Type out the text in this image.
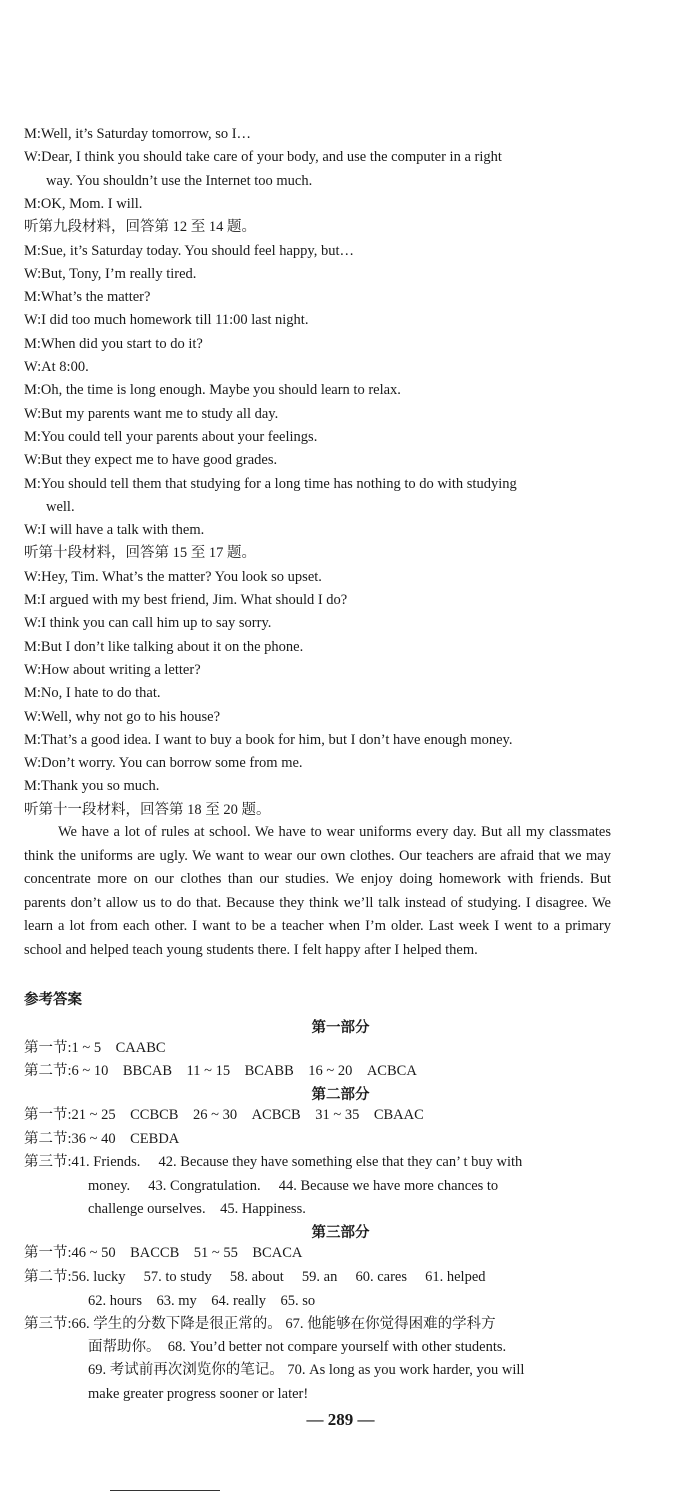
M:Well, it’s Saturday tomorrow, so I…
W:Dear, I think you should take care of your body, and use the computer in a right
way. You shouldn’t use the Internet too much.
M:OK, Mom. I will.
听第九段材料，回答第 12 至 14 题。
M:Sue, it’s Saturday today. You should feel happy, but…
W:But, Tony, I’m really tired.
M:What’s the matter?
W:I did too much homework till 11:00 last night.
M:When did you start to do it?
W:At 8:00.
M:Oh, the time is long enough. Maybe you should learn to relax.
W:But my parents want me to study all day.
M:You could tell your parents about your feelings.
W:But they expect me to have good grades.
M:You should tell them that studying for a long time has nothing to do with studying
well.
W:I will have a talk with them.
听第十段材料，回答第 15 至 17 题。
W:Hey, Tim. What’s the matter? You look so upset.
M:I argued with my best friend, Jim. What should I do?
W:I think you can call him up to say sorry.
M:But I don’t like talking about it on the phone.
W:How about writing a letter?
M:No, I hate to do that.
W:Well, why not go to his house?
M:That’s a good idea. I want to buy a book for him, but I don’t have enough money.
W:Don’t worry. You can borrow some from me.
M:Thank you so much.
听第十一段材料，回答第 18 至 20 题。
We have a lot of rules at school. We have to wear uniforms every day. But all my classmates think the uniforms are ugly. We want to wear our own clothes. Our teachers are afraid that we may concentrate more on our clothes than our studies. We enjoy doing homework with friends. But parents don’t allow us to do that. Because they think we’ll talk instead of studying. I disagree. We learn a lot from each other. I want to be a teacher when I’m older. Last week I went to a primary school and helped teach young students there. I felt happy after I helped them.
参考答案
第一部分
第一节:1 ~ 5　CAABC
第二节:6 ~ 10　BBCAB　11 ~ 15　BCABB　16 ~ 20　ACBCA
第二部分
第一节:21 ~ 25　CCBCB　26 ~ 30　ACBCB　31 ~ 35　CBAAC
第二节:36 ~ 40　CEBDA
第三节:41. Friends.　 42. Because they have something else that they can’ t buy with
money.　 43. Congratulation.　 44. Because we have more chances to
challenge ourselves.　45. Happiness.
第三部分
第一节:46 ~ 50　BACCB　51 ~ 55　BCACA
第二节:56. lucky　 57. to study　 58. about　 59. an　 60. cares　 61. helped
62. hours　63. my　64. really　65. so
第三节:66. 学生的分数下降是很正常的。 67. 他能够在你觉得困难的学科方
面帮助你。　68. You’d better not compare yourself with other students.
69. 考试前再次浏览你的笔记。 70. As long as you work harder, you will
make greater progress sooner or later!
— 289 —
